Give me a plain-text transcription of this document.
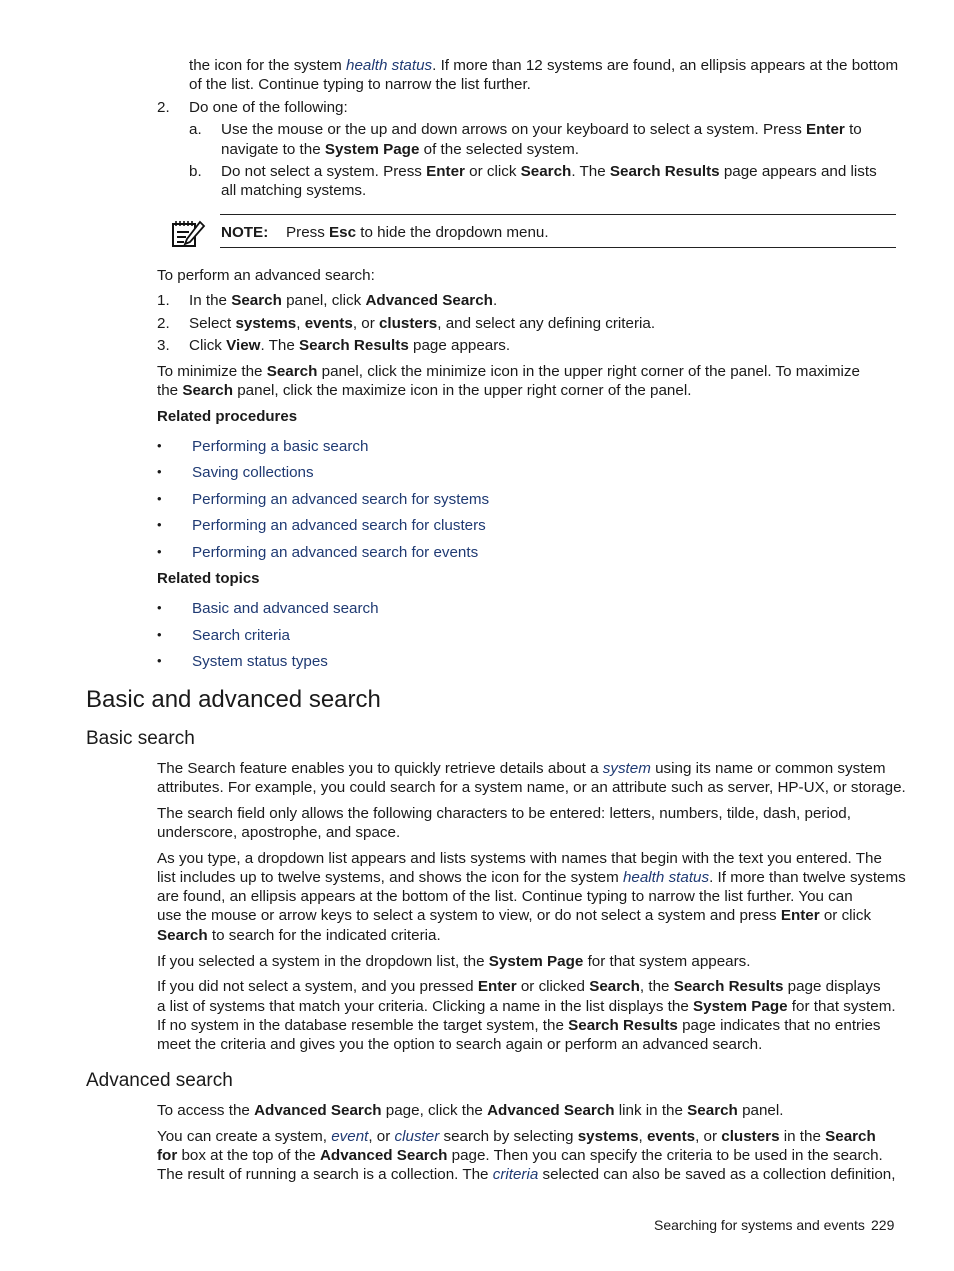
the icon for the system health status. If more than 12 systems are found, an ellipsis appears at the bottom
of the list. Continue typing to narrow the list further.
2. Do one of the following:
a. Use the mouse or the up and down arrows on your keyboard to select a system. Press Enter to
navigate to the System Page of the selected system.
b. Do not select a system. Press Enter or click Search. The Search Results page appears and lists
all matching systems.
NOTE: Press Esc to hide the dropdown menu.
To perform an advanced search:
1. In the Search panel, click Advanced Search.
2. Select systems, events, or clusters, and select any defining criteria.
3. Click View. The Search Results page appears.
To minimize the Search panel, click the minimize icon in the upper right corner of the panel. To maximize
the Search panel, click the maximize icon in the upper right corner of the panel.
Related procedures
• Performing a basic search
• Saving collections
• Performing an advanced search for systems
• Performing an advanced search for clusters
• Performing an advanced search for events
Related topics
• Basic and advanced search
• Search criteria
• System status types
Basic and advanced search
Basic search
The Search feature enables you to quickly retrieve details about a system using its name or common system
attributes. For example, you could search for a system name, or an attribute such as server, HP-UX, or storage.
The search field only allows the following characters to be entered: letters, numbers, tilde, dash, period,
underscore, apostrophe, and space.
As you type, a dropdown list appears and lists systems with names that begin with the text you entered. The
list includes up to twelve systems, and shows the icon for the system health status. If more than twelve systems
are found, an ellipsis appears at the bottom of the list. Continue typing to narrow the list further. You can
use the mouse or arrow keys to select a system to view, or do not select a system and press Enter or click
Search to search for the indicated criteria.
If you selected a system in the dropdown list, the System Page for that system appears.
If you did not select a system, and you pressed Enter or clicked Search, the Search Results page displays
a list of systems that match your criteria. Clicking a name in the list displays the System Page for that system.
If no system in the database resemble the target system, the Search Results page indicates that no entries
meet the criteria and gives you the option to search again or perform an advanced search.
Advanced search
To access the Advanced Search page, click the Advanced Search link in the Search panel.
You can create a system, event, or cluster search by selecting systems, events, or clusters in the Search
for box at the top of the Advanced Search page. Then you can specify the criteria to be used in the search.
The result of running a search is a collection. The criteria selected can also be saved as a collection definition,
Searching for systems and events 229
